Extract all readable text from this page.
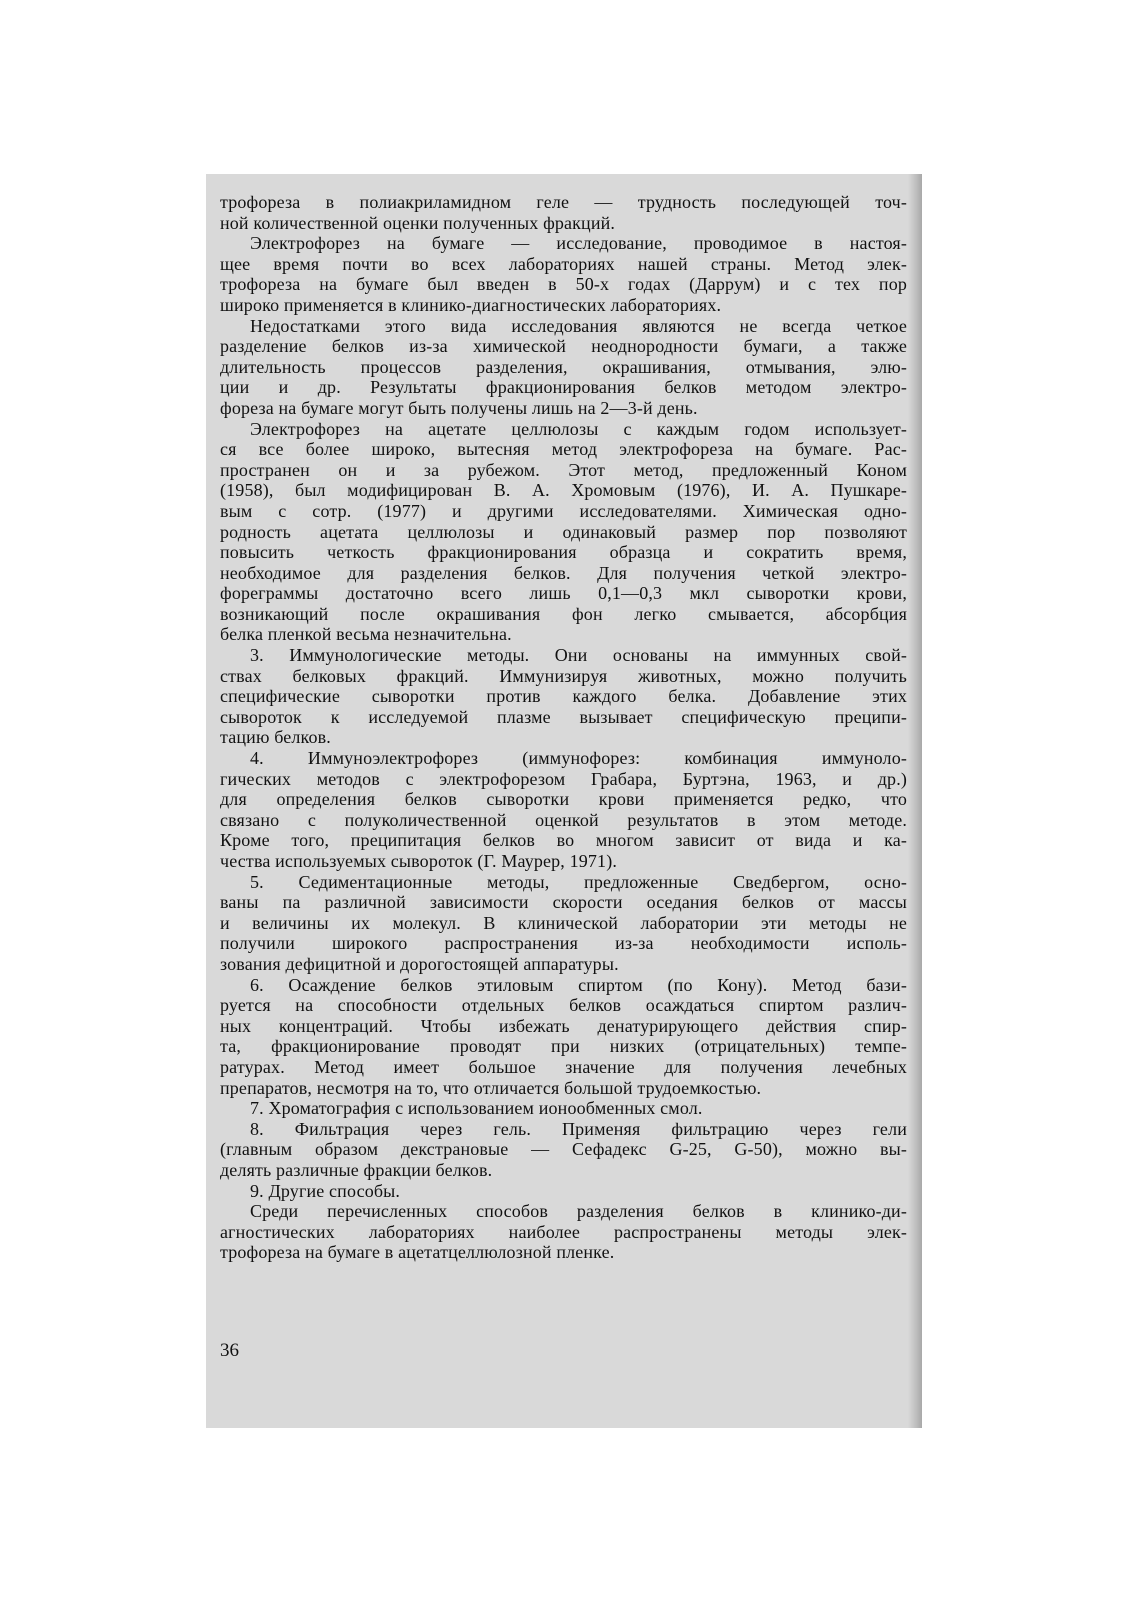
трофореза в полиакриламидном геле — трудность последующей точ-
ной количественной оценки полученных фракций.
Электрофорез на бумаге — исследование, проводимое в настоя-
щее время почти во всех лабораториях нашей страны. Метод элек-
трофореза на бумаге был введен в 50-х годах (Даррум) и с тех пор
широко применяется в клинико-диагностических лабораториях.
Недостатками этого вида исследования являются не всегда четкое
разделение белков из-за химической неоднородности бумаги, а также
длительность процессов разделения, окрашивания, отмывания, элю-
ции и др. Результаты фракционирования белков методом электро-
фореза на бумаге могут быть получены лишь на 2—3-й день.
Электрофорез на ацетате целлюлозы с каждым годом использует-
ся все более широко, вытесняя метод электрофореза на бумаге. Рас-
пространен он и за рубежом. Этот метод, предложенный Коном
(1958), был модифицирован В. А. Хромовым (1976), И. А. Пушкаре-
вым с сотр. (1977) и другими исследователями. Химическая одно-
родность ацетата целлюлозы и одинаковый размер пор позволяют
повысить четкость фракционирования образца и сократить время,
необходимое для разделения белков. Для получения четкой электро-
фореграммы достаточно всего лишь 0,1—0,3 мкл сыворотки крови,
возникающий после окрашивания фон легко смывается, абсорбция
белка пленкой весьма незначительна.
3. Иммунологические методы. Они основаны на иммунных свой-
ствах белковых фракций. Иммунизируя животных, можно получить
специфические сыворотки против каждого белка. Добавление этих
сывороток к исследуемой плазме вызывает специфическую преципи-
тацию белков.
4. Иммуноэлектрофорез (иммунофорез: комбинация иммуноло-
гических методов с электрофорезом Грабара, Буртэна, 1963, и др.)
для определения белков сыворотки крови применяется редко, что
связано с полуколичественной оценкой результатов в этом методе.
Кроме того, преципитация белков во многом зависит от вида и ка-
чества используемых сывороток (Г. Маурер, 1971).
5. Седиментационные методы, предложенные Сведбергом, осно-
ваны па различной зависимости скорости оседания белков от массы
и величины их молекул. В клинической лаборатории эти методы не
получили широкого распространения из-за необходимости исполь-
зования дефицитной и дорогостоящей аппаратуры.
6. Осаждение белков этиловым спиртом (по Кону). Метод бази-
руется на способности отдельных белков осаждаться спиртом различ-
ных концентраций. Чтобы избежать денатурирующего действия спир-
та, фракционирование проводят при низких (отрицательных) темпе-
ратурах. Метод имеет большое значение для получения лечебных
препаратов, несмотря на то, что отличается большой трудоемкостью.
7. Хроматография с использованием ионообменных смол.
8. Фильтрация через гель. Применяя фильтрацию через гели
(главным образом декстрановые — Сефадекс G-25, G-50), можно вы-
делять различные фракции белков.
9. Другие способы.
Среди перечисленных способов разделения белков в клинико-ди-
агностических лабораториях наиболее распространены методы элек-
трофореза на бумаге в ацетатцеллюлозной пленке.
36
